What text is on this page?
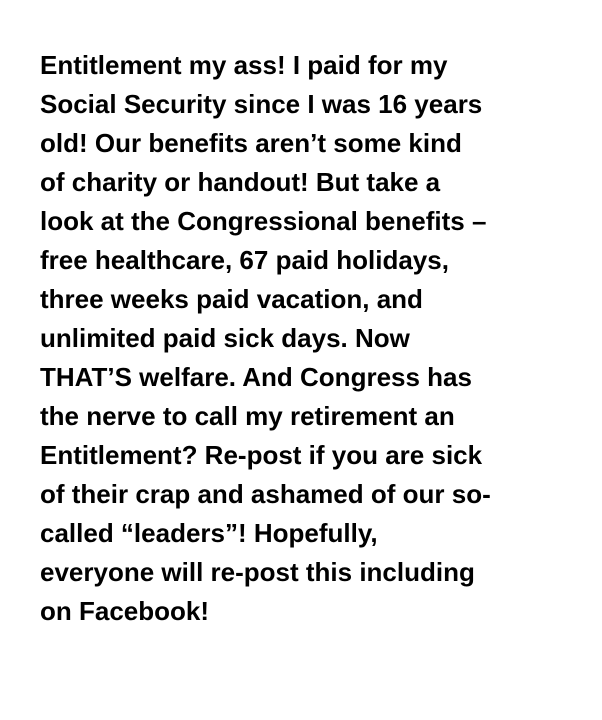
Entitlement my ass! I paid for my
Social Security since I was 16 years
old! Our benefits aren’t some kind
of charity or handout! But take a
look at the Congressional benefits –
free healthcare, 67 paid holidays,
three weeks paid vacation, and
unlimited paid sick days. Now
THAT’S welfare. And Congress has
the nerve to call my retirement an
Entitlement? Re-post if you are sick
of their crap and ashamed of our so-
called “leaders”! Hopefully,
everyone will re-post this including
on Facebook!
